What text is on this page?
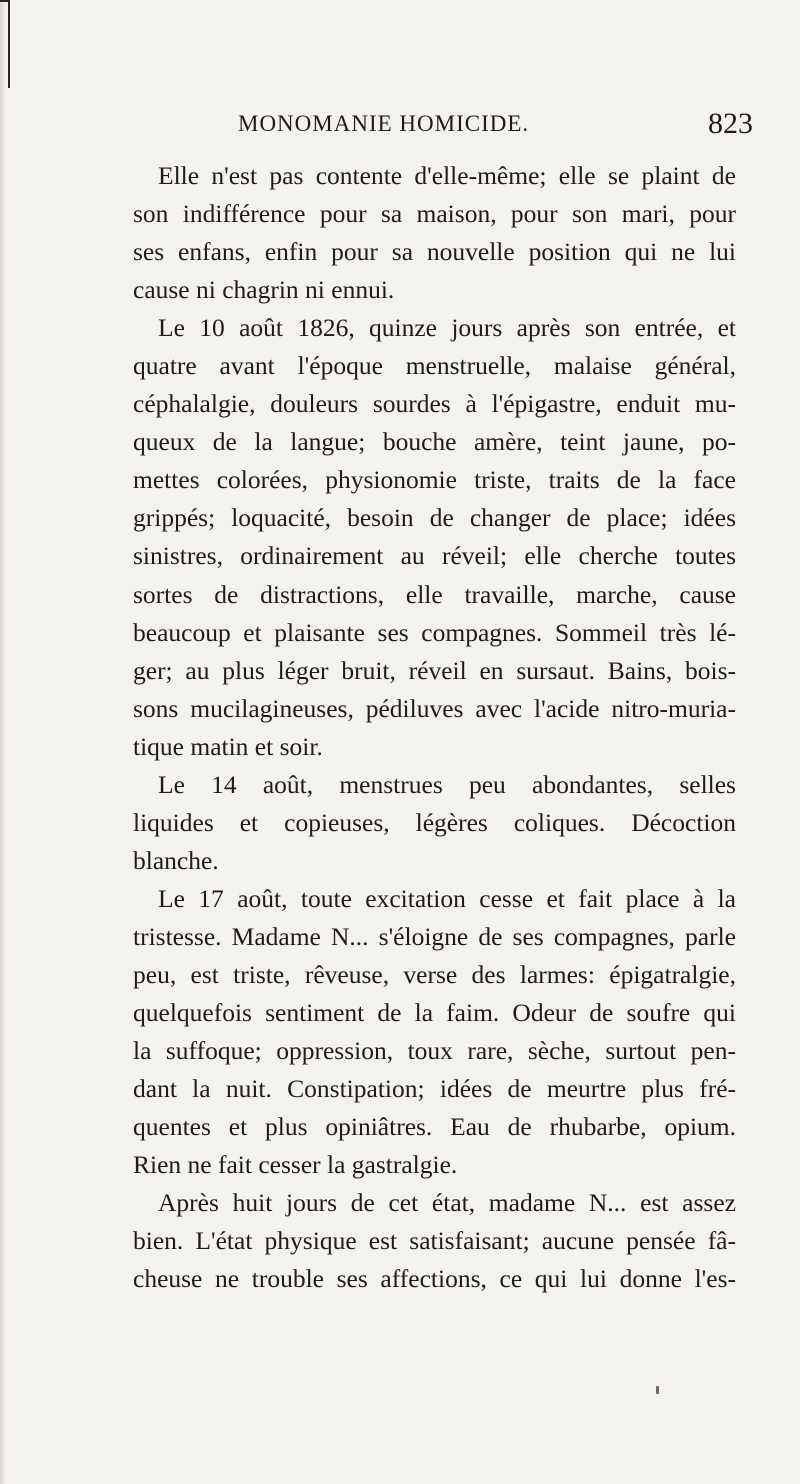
MONOMANIE HOMICIDE.	823
Elle n'est pas contente d'elle-même; elle se plaint de
son indifférence pour sa maison, pour son mari, pour
ses enfans, enfin pour sa nouvelle position qui ne lui
cause ni chagrin ni ennui.
Le 10 août 1826, quinze jours après son entrée, et
quatre avant l'époque menstruelle, malaise général,
céphalalgie, douleurs sourdes à l'épigastre, enduit mu-
queux de la langue; bouche amère, teint jaune, po-
mettes colorées, physionomie triste, traits de la face
grippés; loquacité, besoin de changer de place; idées
sinistres, ordinairement au réveil; elle cherche toutes
sortes de distractions, elle travaille, marche, cause
beaucoup et plaisante ses compagnes. Sommeil très lé-
ger; au plus léger bruit, réveil en sursaut. Bains, bois-
sons mucilagineuses, pédiluves avec l'acide nitro-muria-
tique matin et soir.
Le 14 août, menstrues peu abondantes, selles
liquides et copieuses, légères coliques. Décoction
blanche.
Le 17 août, toute excitation cesse et fait place à la
tristesse. Madame N... s'éloigne de ses compagnes, parle
peu, est triste, rêveuse, verse des larmes: épigatralgie,
quelquefois sentiment de la faim. Odeur de soufre qui
la suffoque; oppression, toux rare, sèche, surtout pen-
dant la nuit. Constipation; idées de meurtre plus fré-
quentes et plus opiniâtres. Eau de rhubarbe, opium.
Rien ne fait cesser la gastralgie.
Après huit jours de cet état, madame N... est assez
bien. L'état physique est satisfaisant; aucune pensée fâ-
cheuse ne trouble ses affections, ce qui lui donne l'es-
